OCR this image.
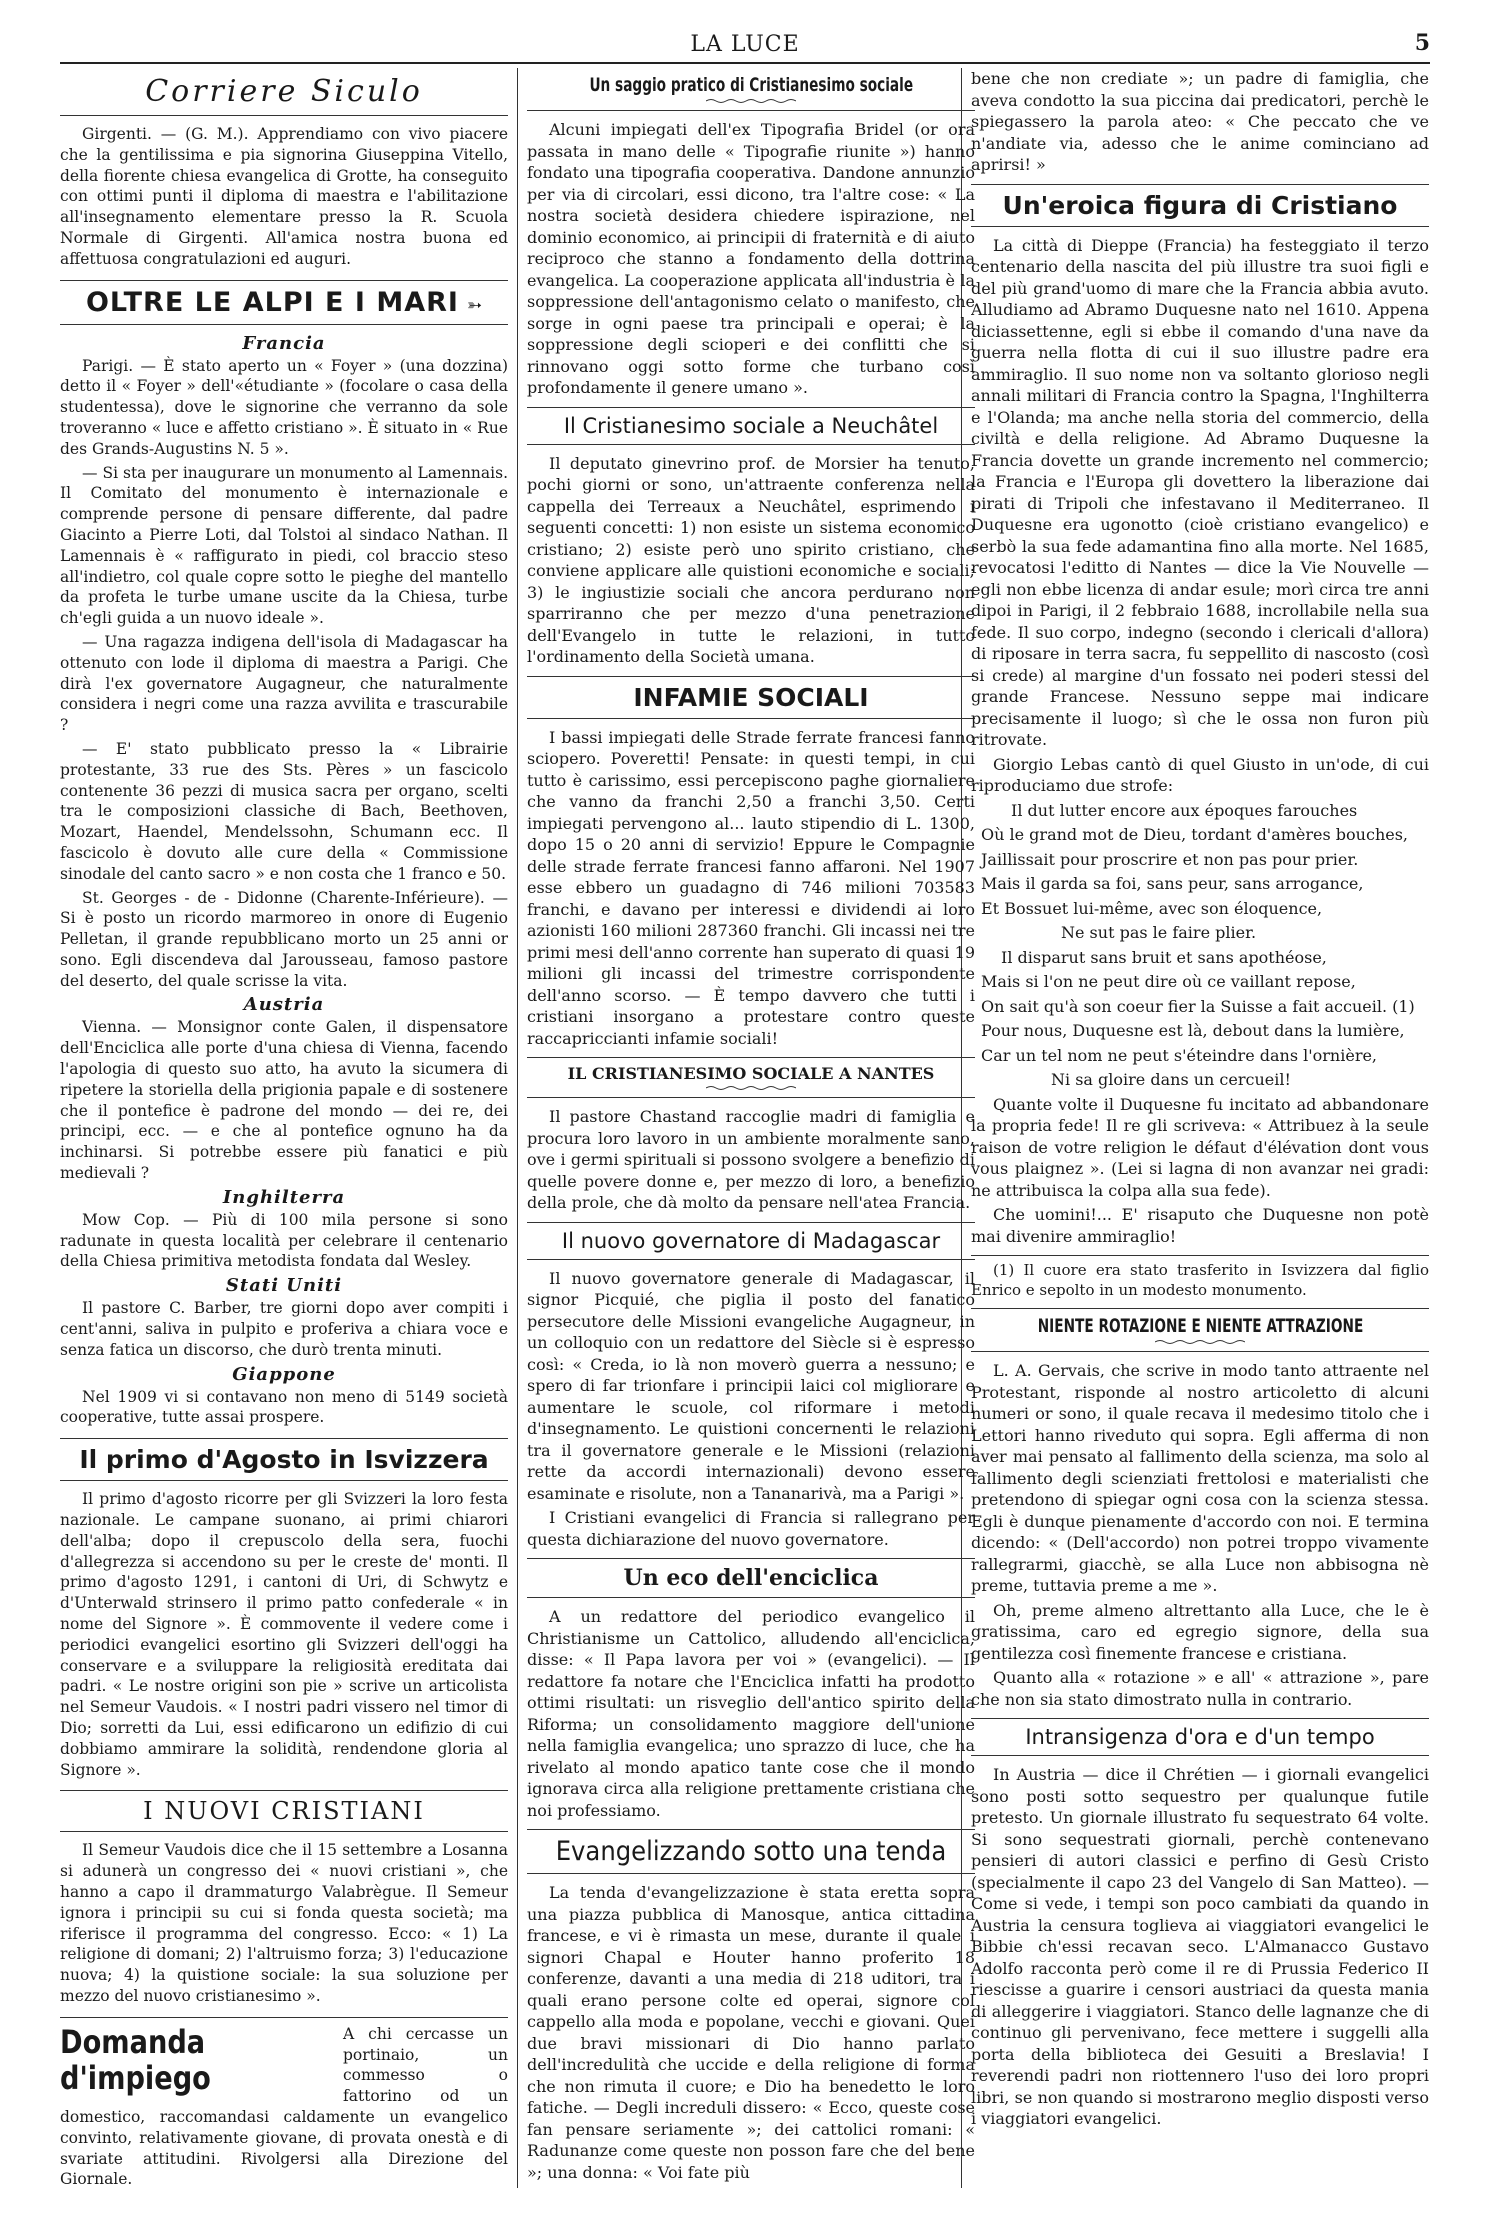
LA LUCE	5
Corriere Siculo

Girgenti. — (G. M.). Apprendiamo con vivo piacere che la gentilissima e pia signorina Giuseppina Vitello, della fiorente chiesa evangelica di Grotte, ha conseguito con ottimi punti il diploma di maestra e l'abilitazione all'insegnamento elementare presso la R. Scuola Normale di Girgenti. All'amica nostra buona ed affettuosa congratulazioni ed auguri.

OLTRE LE ALPI E I MARI ➳
Francia

Parigi. — È stato aperto un « Foyer » (una dozzina) detto il « Foyer » dell'«étudiante » (focolare o casa della studentessa), dove le signorine che verranno da sole troveranno « luce e affetto cristiano ». È situato in « Rue des Grands-Augustins N. 5 ».

— Si sta per inaugurare un monumento al Lamennais. Il Comitato del monumento è internazionale e comprende persone di pensare differente, dal padre Giacinto a Pierre Loti, dal Tolstoi al sindaco Nathan. Il Lamennais è « raffigurato in piedi, col braccio steso all'indietro, col quale copre sotto le pieghe del mantello da profeta le turbe umane uscite da la Chiesa, turbe ch'egli guida a un nuovo ideale ».

— Una ragazza indigena dell'isola di Madagascar ha ottenuto con lode il diploma di maestra a Parigi. Che dirà l'ex governatore Augagneur, che naturalmente considera i negri come una razza avvilita e trascurabile ?

— E' stato pubblicato presso la « Librairie protestante, 33 rue des Sts. Pères » un fascicolo contenente 36 pezzi di musica sacra per organo, scelti tra le composizioni classiche di Bach, Beethoven, Mozart, Haendel, Mendelssohn, Schumann ecc. Il fascicolo è dovuto alle cure della « Commissione sinodale del canto sacro » e non costa che 1 franco e 50.

St. Georges - de - Didonne (Charente-Inférieure). — Si è posto un ricordo marmoreo in onore di Eugenio Pelletan, il grande repubblicano morto un 25 anni or sono. Egli discendeva dal Jarousseau, famoso pastore del deserto, del quale scrisse la vita.

Austria

Vienna. — Monsignor conte Galen, il dispensatore dell'Enciclica alle porte d'una chiesa di Vienna, facendo l'apologia di questo suo atto, ha avuto la sicumera di ripetere la storiella della prigionia papale e di sostenere che il pontefice è padrone del mondo — dei re, dei principi, ecc. — e che al pontefice ognuno ha da inchinarsi. Si potrebbe essere più fanatici e più medievali ?

Inghilterra

Mow Cop. — Più di 100 mila persone si sono radunate in questa località per celebrare il centenario della Chiesa primitiva metodista fondata dal Wesley.

Stati Uniti

Il pastore C. Barber, tre giorni dopo aver compiti i cent'anni, saliva in pulpito e proferiva a chiara voce e senza fatica un discorso, che durò trenta minuti.

Giappone

Nel 1909 vi si contavano non meno di 5149 società cooperative, tutte assai prospere.

Il primo d'Agosto in Isvizzera

Il primo d'agosto ricorre per gli Svizzeri la loro festa nazionale. Le campane suonano, ai primi chiarori dell'alba; dopo il crepuscolo della sera, fuochi d'allegrezza si accendono su per le creste de' monti. Il primo d'agosto 1291, i cantoni di Uri, di Schwytz e d'Unterwald strinsero il primo patto confederale « in nome del Signore ». È commovente il vedere come i periodici evangelici esortino gli Svizzeri dell'oggi ha conservare e a sviluppare la religiosità ereditata dai padri. « Le nostre origini son pie » scrive un articolista nel Semeur Vaudois. « I nostri padri vissero nel timor di Dio; sorretti da Lui, essi edificarono un edifizio di cui dobbiamo ammirare la solidità, rendendone gloria al Signore ».

I NUOVI CRISTIANI

Il Semeur Vaudois dice che il 15 settembre a Losanna si adunerà un congresso dei « nuovi cristiani », che hanno a capo il drammaturgo Valabrègue. Il Semeur ignora i principii su cui si fonda questa società; ma riferisce il programma del congresso. Ecco: « 1) La religione di domani; 2) l'altruismo forza; 3) l'educazione nuova; 4) la quistione sociale: la sua soluzione per mezzo del nuovo cristianesimo ».

Domanda d'impiego

A chi cercasse un portinaio, un commesso o fattorino od un domestico, raccomandasi caldamente un evangelico convinto, relativamente giovane, di provata onestà e di svariate attitudini. Rivolgersi alla Direzione del Giornale.

Un saggio pratico di Cristianesimo sociale

Alcuni impiegati dell'ex Tipografia Bridel (or ora passata in mano delle « Tipografie riunite ») hanno fondato una tipografia cooperativa. Dandone annunzio per via di circolari, essi dicono, tra l'altre cose: « La nostra società desidera chiedere ispirazione, nel dominio economico, ai principii di fraternità e di aiuto reciproco che stanno a fondamento della dottrina evangelica. La cooperazione applicata all'industria è la soppressione dell'antagonismo celato o manifesto, che sorge in ogni paese tra principali e operai; è la soppressione degli scioperi e dei conflitti che si rinnovano oggi sotto forme che turbano così profondamente il genere umano ».

Il Cristianesimo sociale a Neuchâtel

Il deputato ginevrino prof. de Morsier ha tenuto, pochi giorni or sono, un'attraente conferenza nella cappella dei Terreaux a Neuchâtel, esprimendo i seguenti concetti: 1) non esiste un sistema economico cristiano; 2) esiste però uno spirito cristiano, che conviene applicare alle quistioni economiche e sociali; 3) le ingiustizie sociali che ancora perdurano non sparriranno che per mezzo d'una penetrazione dell'Evangelo in tutte le relazioni, in tutto l'ordinamento della Società umana.

INFAMIE SOCIALI

I bassi impiegati delle Strade ferrate francesi fanno sciopero. Poveretti! Pensate: in questi tempi, in cui tutto è carissimo, essi percepiscono paghe giornaliere che vanno da franchi 2,50 a franchi 3,50. Certi impiegati pervengono al... lauto stipendio di L. 1300, dopo 15 o 20 anni di servizio! Eppure le Compagnie delle strade ferrate francesi fanno affaroni. Nel 1907 esse ebbero un guadagno di 746 milioni 703583 franchi, e davano per interessi e dividendi ai loro azionisti 160 milioni 287360 franchi. Gli incassi nei tre primi mesi dell'anno corrente han superato di quasi 19 milioni gli incassi del trimestre corrispondente dell'anno scorso. — È tempo davvero che tutti i cristiani insorgano a protestare contro queste raccapriccianti infamie sociali!

IL CRISTIANESIMO SOCIALE A NANTES

Il pastore Chastand raccoglie madri di famiglia e procura loro lavoro in un ambiente moralmente sano, ove i germi spirituali si possono svolgere a benefizio di quelle povere donne e, per mezzo di loro, a benefizio della prole, che dà molto da pensare nell'atea Francia.

Il nuovo governatore di Madagascar

Il nuovo governatore generale di Madagascar, il signor Picquié, che piglia il posto del fanatico persecutore delle Missioni evangeliche Augagneur, in un colloquio con un redattore del Siècle si è espresso così: « Creda, io là non moverò guerra a nessuno; e spero di far trionfare i principii laici col migliorare e aumentare le scuole, col riformare i metodi d'insegnamento. Le quistioni concernenti le relazioni tra il governatore generale e le Missioni (relazioni rette da accordi internazionali) devono essere esaminate e risolute, non a Tananarivà, ma a Parigi ».

I Cristiani evangelici di Francia si rallegrano per questa dichiarazione del nuovo governatore.

Un eco dell'enciclica

A un redattore del periodico evangelico il Christianisme un Cattolico, alludendo all'enciclica, disse: « Il Papa lavora per voi » (evangelici). — Il redattore fa notare che l'Enciclica infatti ha prodotto ottimi risultati: un risveglio dell'antico spirito della Riforma; un consolidamento maggiore dell'unione nella famiglia evangelica; uno sprazzo di luce, che ha rivelato al mondo apatico tante cose che il mondo ignorava circa alla religione prettamente cristiana che noi professiamo.

Evangelizzando sotto una tenda

La tenda d'evangelizzazione è stata eretta sopra una piazza pubblica di Manosque, antica cittadina francese, e vi è rimasta un mese, durante il quale i signori Chapal e Houter hanno proferito 18 conferenze, davanti a una media di 218 uditori, tra i quali erano persone colte ed operai, signore col cappello alla moda e popolane, vecchi e giovani. Quei due bravi missionari di Dio hanno parlato dell'incredulità che uccide e della religione di forma che non rimuta il cuore; e Dio ha benedetto le loro fatiche. — Degli increduli dissero: « Ecco, queste cose fan pensare seriamente »; dei cattolici romani: « Radunanze come queste non posson fare che del bene »; una donna: « Voi fate più

bene che non crediate »; un padre di famiglia, che aveva condotto la sua piccina dai predicatori, perchè le spiegassero la parola ateo: « Che peccato che ve n'andiate via, adesso che le anime cominciano ad aprirsi! »

Un'eroica figura di Cristiano

La città di Dieppe (Francia) ha festeggiato il terzo centenario della nascita del più illustre tra suoi figli e del più grand'uomo di mare che la Francia abbia avuto. Alludiamo ad Abramo Duquesne nato nel 1610. Appena diciassettenne, egli si ebbe il comando d'una nave da guerra nella flotta di cui il suo illustre padre era ammiraglio. Il suo nome non va soltanto glorioso negli annali militari di Francia contro la Spagna, l'Inghilterra e l'Olanda; ma anche nella storia del commercio, della civiltà e della religione. Ad Abramo Duquesne la Francia dovette un grande incremento nel commercio; la Francia e l'Europa gli dovettero la liberazione dai pirati di Tripoli che infestavano il Mediterraneo. Il Duquesne era ugonotto (cioè cristiano evangelico) e serbò la sua fede adamantina fino alla morte. Nel 1685, revocatosi l'editto di Nantes — dice la Vie Nouvelle — egli non ebbe licenza di andar esule; morì circa tre anni dipoi in Parigi, il 2 febbraio 1688, incrollabile nella sua fede. Il suo corpo, indegno (secondo i clericali d'allora) di riposare in terra sacra, fu seppellito di nascosto (così si crede) al margine d'un fossato nei poderi stessi del grande Francese. Nessuno seppe mai indicare precisamente il luogo; sì che le ossa non furon più ritrovate.

Giorgio Lebas cantò di quel Giusto in un'ode, di cui riproduciamo due strofe:

Il dut lutter encore aux époques farouches

Où le grand mot de Dieu, tordant d'amères bouches,

Jaillissait pour proscrire et non pas pour prier.

Mais il garda sa foi, sans peur, sans arrogance,

Et Bossuet lui-même, avec son éloquence,

Ne sut pas le faire plier.

Il disparut sans bruit et sans apothéose,

Mais si l'on ne peut dire où ce vaillant repose,

On sait qu'à son coeur fier la Suisse a fait accueil. (1)

Pour nous, Duquesne est là, debout dans la lumière,

Car un tel nom ne peut s'éteindre dans l'ornière,

Ni sa gloire dans un cercueil!

Quante volte il Duquesne fu incitato ad abbandonare la propria fede! Il re gli scriveva: « Attribuez à la seule raison de votre religion le défaut d'élévation dont vous vous plaignez ». (Lei si lagna di non avanzar nei gradi: ne attribuisca la colpa alla sua fede).

Che uomini!... E' risaputo che Duquesne non potè mai divenire ammiraglio!

(1) Il cuore era stato trasferito in Isvizzera dal figlio Enrico e sepolto in un modesto monumento.

NIENTE ROTAZIONE E NIENTE ATTRAZIONE

L. A. Gervais, che scrive in modo tanto attraente nel Protestant, risponde al nostro articoletto di alcuni numeri or sono, il quale recava il medesimo titolo che i Lettori hanno riveduto qui sopra. Egli afferma di non aver mai pensato al fallimento della scienza, ma solo al fallimento degli scienziati frettolosi e materialisti che pretendono di spiegar ogni cosa con la scienza stessa. Egli è dunque pienamente d'accordo con noi. E termina dicendo: « (Dell'accordo) non potrei troppo vivamente rallegrarmi, giacchè, se alla Luce non abbisogna nè preme, tuttavia preme a me ».

Oh, preme almeno altrettanto alla Luce, che le è gratissima, caro ed egregio signore, della sua gentilezza così finemente francese e cristiana.

Quanto alla « rotazione » e all' « attrazione », pare che non sia stato dimostrato nulla in contrario.

Intransigenza d'ora e d'un tempo

In Austria — dice il Chrétien — i giornali evangelici sono posti sotto sequestro per qualunque futile pretesto. Un giornale illustrato fu sequestrato 64 volte. Si sono sequestrati giornali, perchè contenevano pensieri di autori classici e perfino di Gesù Cristo (specialmente il capo 23 del Vangelo di San Matteo). — Come si vede, i tempi son poco cambiati da quando in Austria la censura toglieva ai viaggiatori evangelici le Bibbie ch'essi recavan seco. L'Almanacco Gustavo Adolfo racconta però come il re di Prussia Federico II riescisse a guarire i censori austriaci da questa mania di alleggerire i viaggiatori. Stanco delle lagnanze che di continuo gli pervenivano, fece mettere i suggelli alla porta della biblioteca dei Gesuiti a Breslavia! I reverendi padri non riottennero l'uso dei loro propri libri, se non quando si mostrarono meglio disposti verso i viaggiatori evangelici.
